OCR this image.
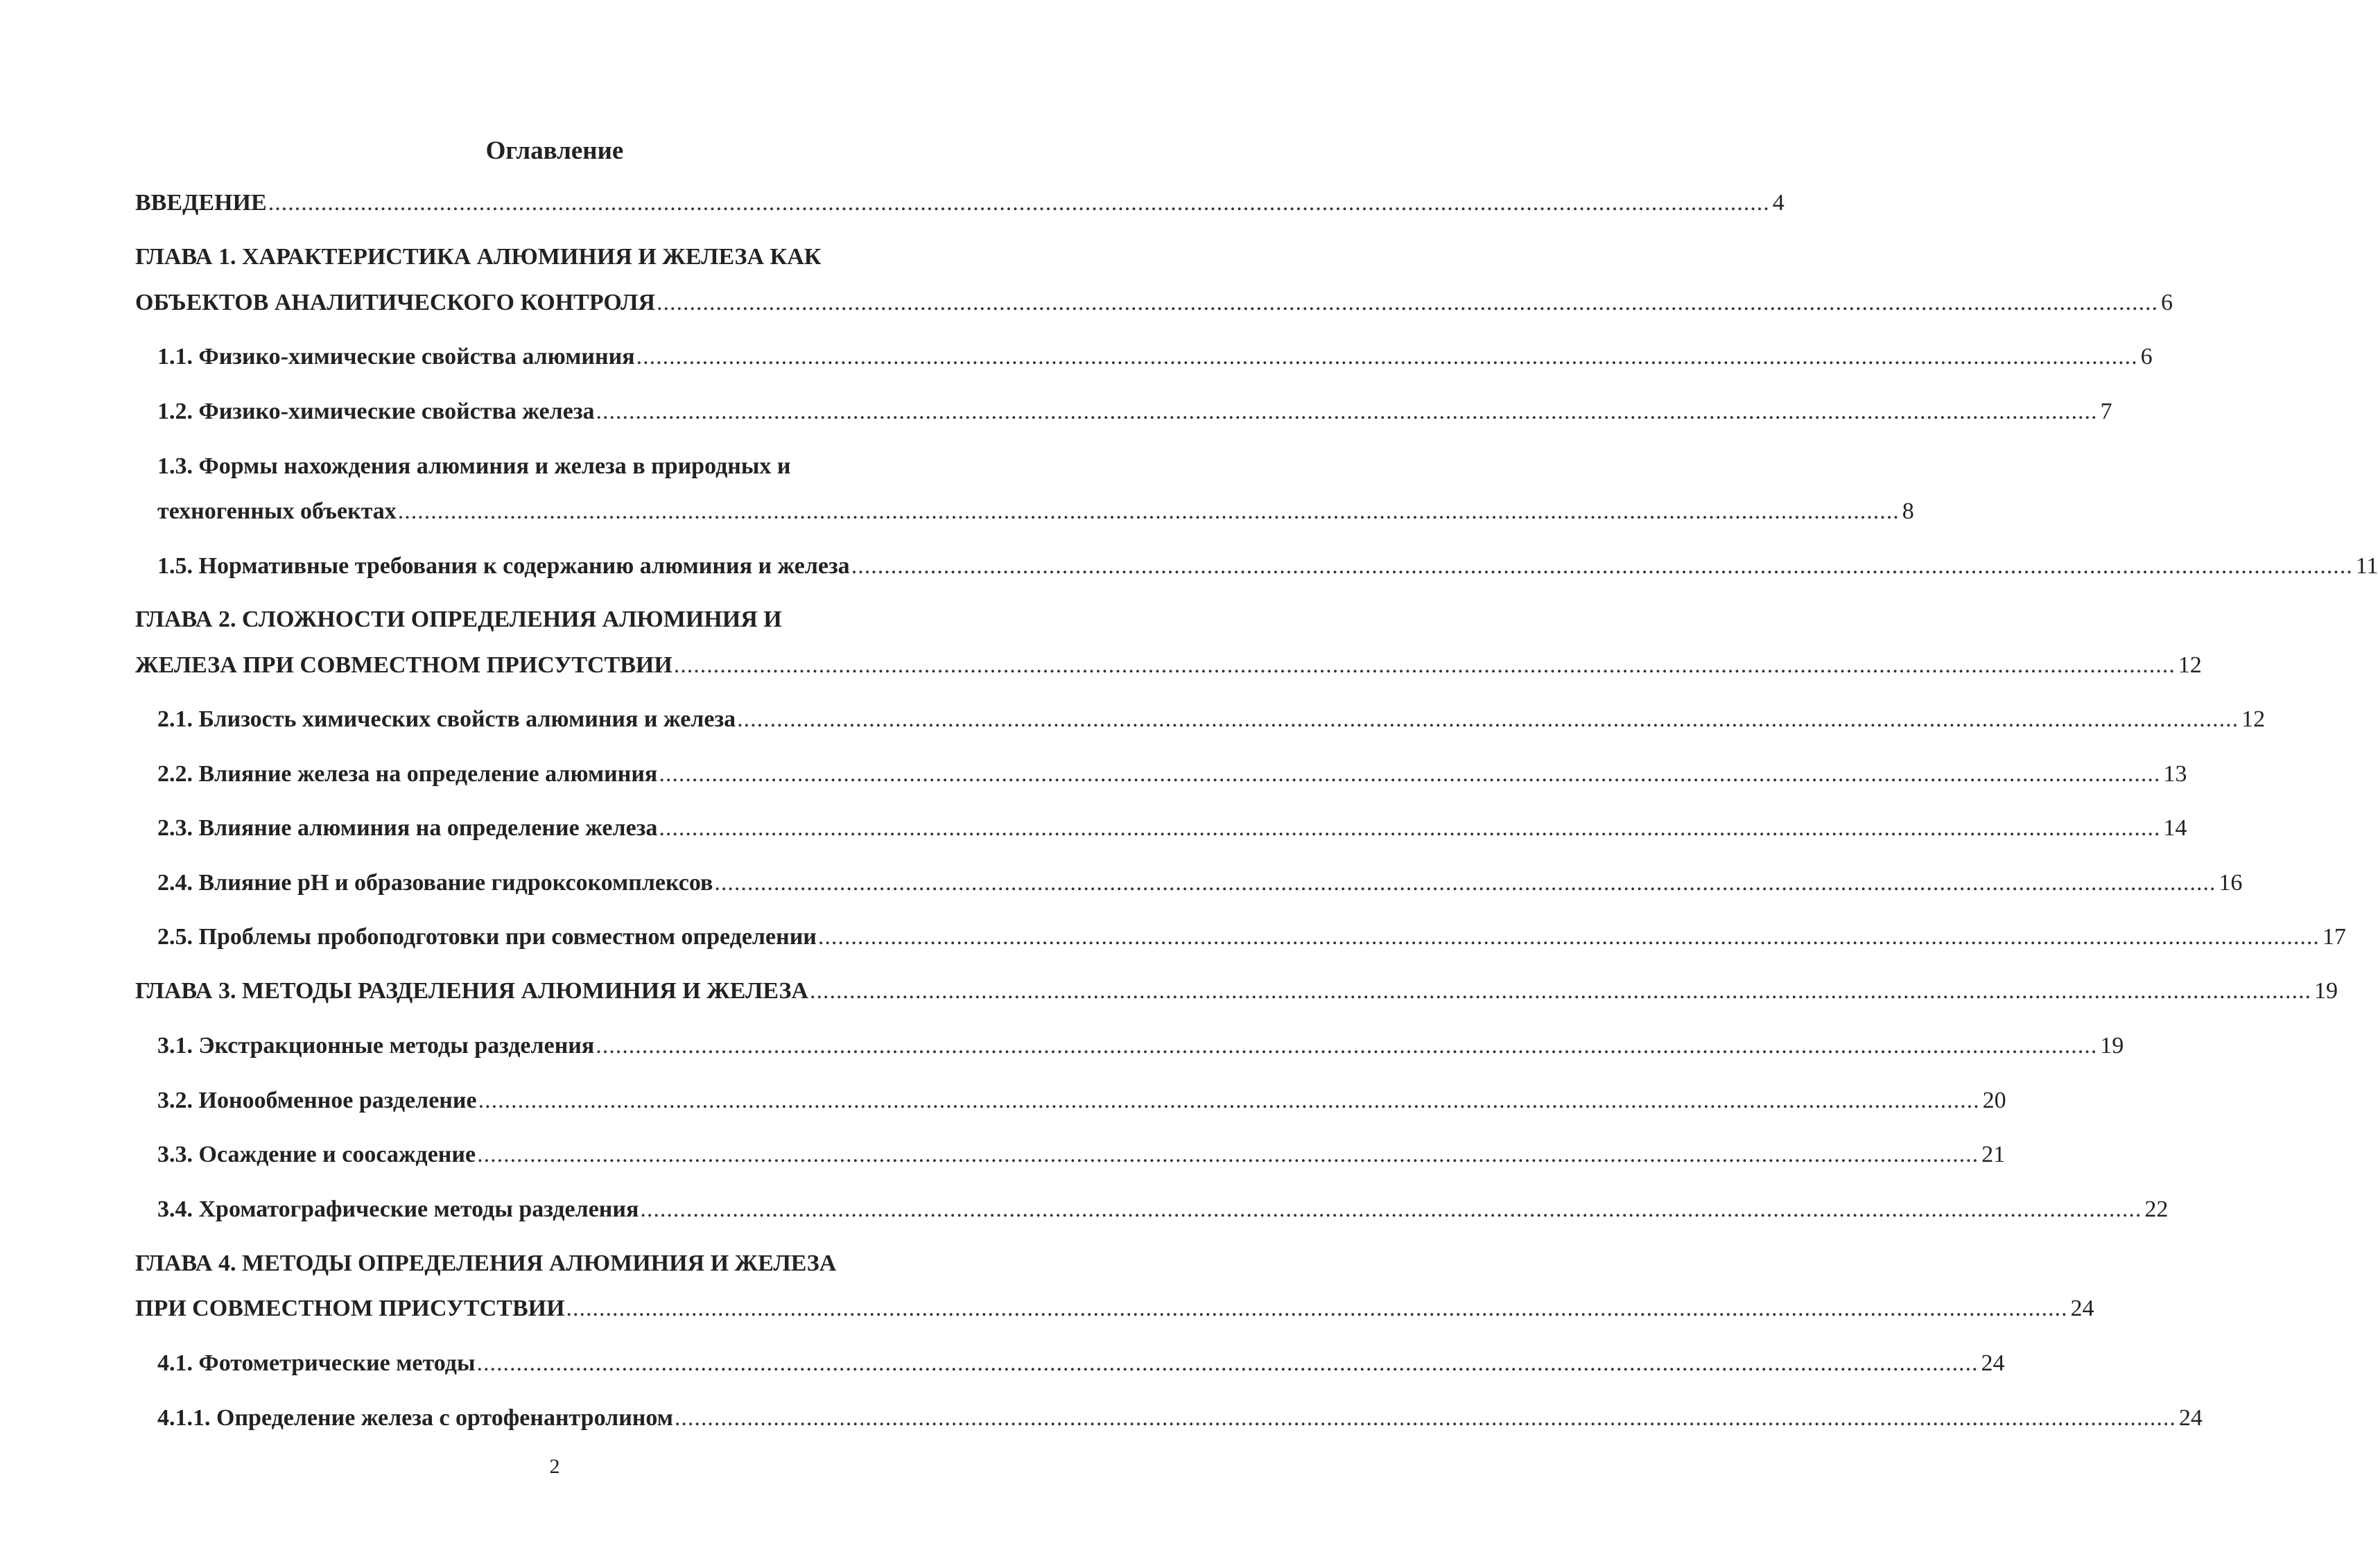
Оглавление
ВВЕДЕНИЕ .................................................................................................................................................................................................................................... 4
ГЛАВА 1. ХАРАКТЕРИСТИКА АЛЮМИНИЯ И ЖЕЛЕЗА КАК
ОБЪЕКТОВ АНАЛИТИЧЕСКОГО КОНТРОЛЯ .................................................................................................................................................................................................................................... 6
1.1. Физико-химические свойства алюминия .................................................................................................................................................................................................................................... 6
1.2. Физико-химические свойства железа .................................................................................................................................................................................................................................... 7
1.3. Формы нахождения алюминия и железа в природных и
техногенных объектах .................................................................................................................................................................................................................................... 8
1.5. Нормативные требования к содержанию алюминия и железа .................................................................................................................................................................................................................................... 11
ГЛАВА 2. СЛОЖНОСТИ ОПРЕДЕЛЕНИЯ АЛЮМИНИЯ И
ЖЕЛЕЗА ПРИ СОВМЕСТНОМ ПРИСУТСТВИИ .................................................................................................................................................................................................................................... 12
2.1. Близость химических свойств алюминия и железа .................................................................................................................................................................................................................................... 12
2.2. Влияние железа на определение алюминия .................................................................................................................................................................................................................................... 13
2.3. Влияние алюминия на определение железа .................................................................................................................................................................................................................................... 14
2.4. Влияние pH и образование гидроксокомплексов .................................................................................................................................................................................................................................... 16
2.5. Проблемы пробоподготовки при совместном определении .................................................................................................................................................................................................................................... 17
ГЛАВА 3. МЕТОДЫ РАЗДЕЛЕНИЯ АЛЮМИНИЯ И ЖЕЛЕЗА .................................................................................................................................................................................................................................... 19
3.1. Экстракционные методы разделения .................................................................................................................................................................................................................................... 19
3.2. Ионообменное разделение .................................................................................................................................................................................................................................... 20
3.3. Осаждение и соосаждение .................................................................................................................................................................................................................................... 21
3.4. Хроматографические методы разделения .................................................................................................................................................................................................................................... 22
ГЛАВА 4. МЕТОДЫ ОПРЕДЕЛЕНИЯ АЛЮМИНИЯ И ЖЕЛЕЗА
ПРИ СОВМЕСТНОМ ПРИСУТСТВИИ .................................................................................................................................................................................................................................... 24
4.1. Фотометрические методы .................................................................................................................................................................................................................................... 24
4.1.1. Определение железа с ортофенантролином .................................................................................................................................................................................................................................... 24
2
